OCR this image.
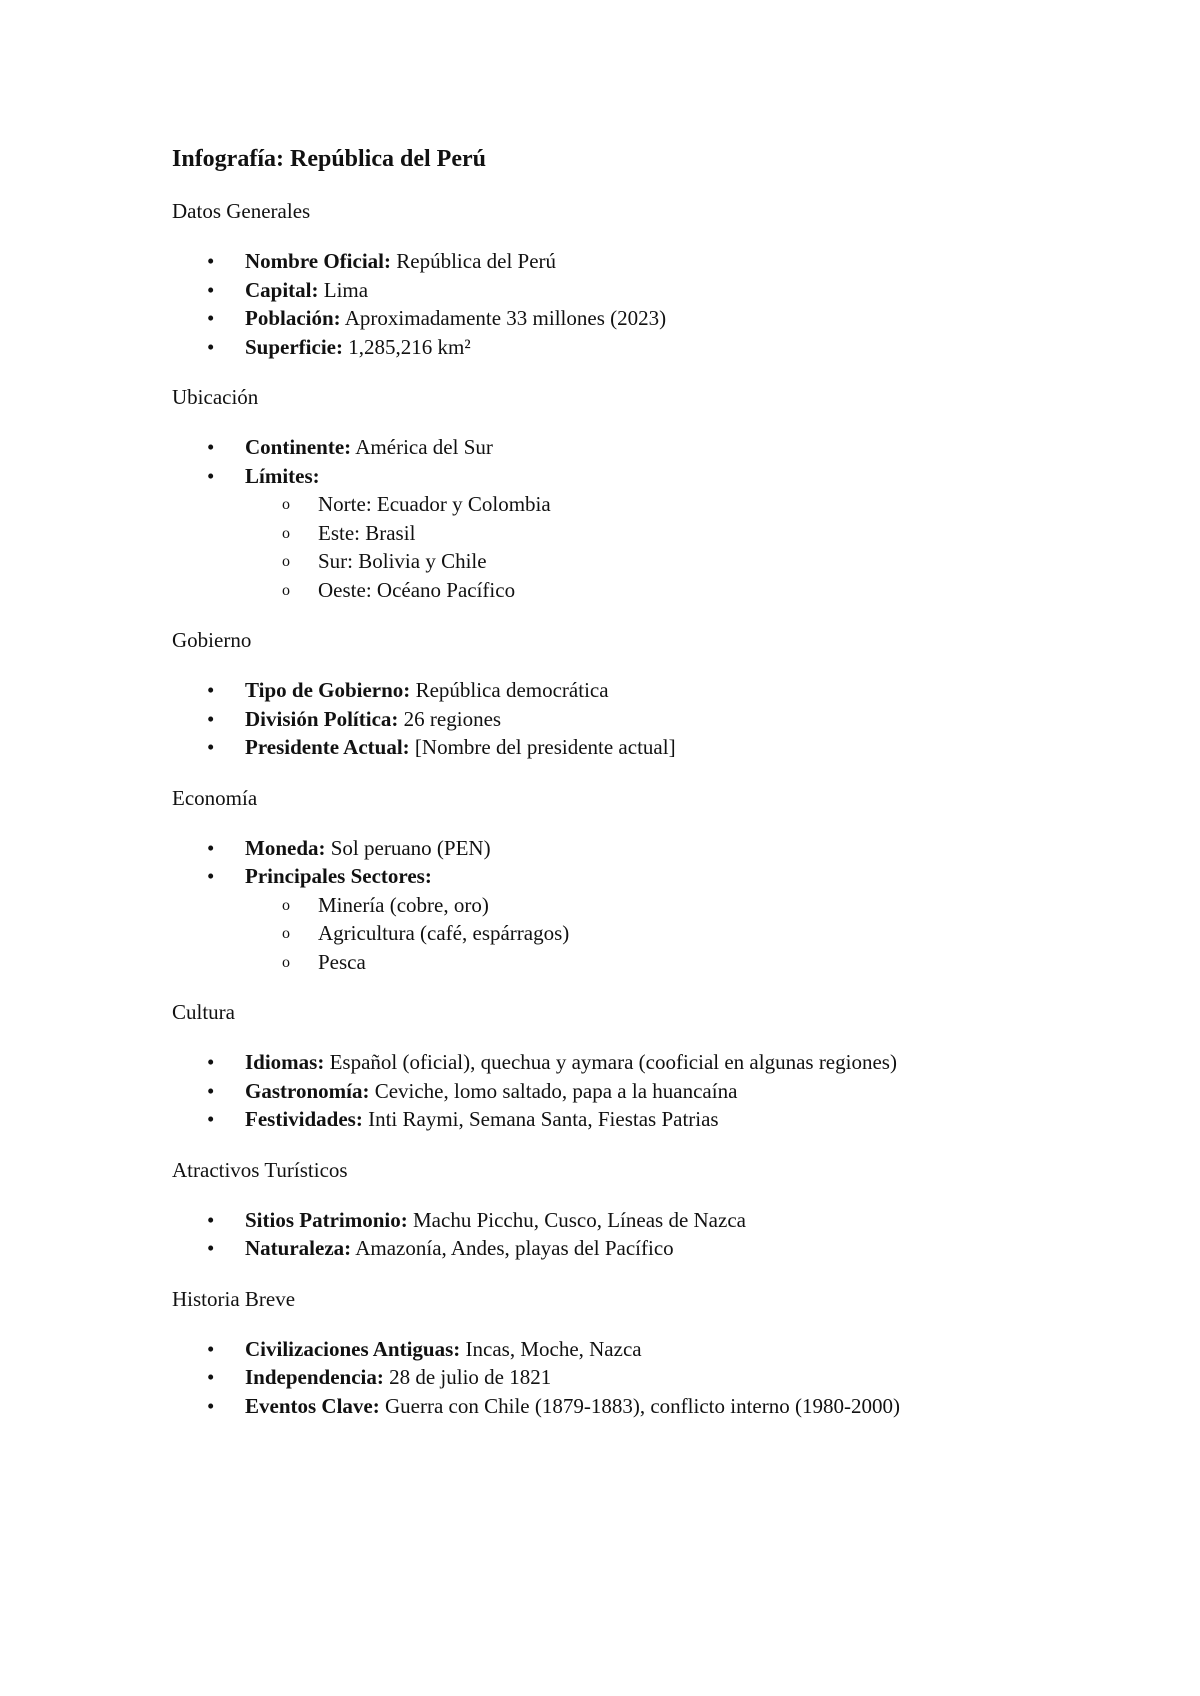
Infografía: República del Perú
Datos Generales
• Nombre Oficial: República del Perú
• Capital: Lima
• Población: Aproximadamente 33 millones (2023)
• Superficie: 1,285,216 km²
Ubicación
• Continente: América del Sur
• Límites:
o Norte: Ecuador y Colombia
o Este: Brasil
o Sur: Bolivia y Chile
o Oeste: Océano Pacífico
Gobierno
• Tipo de Gobierno: República democrática
• División Política: 26 regiones
• Presidente Actual: [Nombre del presidente actual]
Economía
• Moneda: Sol peruano (PEN)
• Principales Sectores:
o Minería (cobre, oro)
o Agricultura (café, espárragos)
o Pesca
Cultura
• Idiomas: Español (oficial), quechua y aymara (cooficial en algunas regiones)
• Gastronomía: Ceviche, lomo saltado, papa a la huancaína
• Festividades: Inti Raymi, Semana Santa, Fiestas Patrias
Atractivos Turísticos
• Sitios Patrimonio: Machu Picchu, Cusco, Líneas de Nazca
• Naturaleza: Amazonía, Andes, playas del Pacífico
Historia Breve
• Civilizaciones Antiguas: Incas, Moche, Nazca
• Independencia: 28 de julio de 1821
• Eventos Clave: Guerra con Chile (1879-1883), conflicto interno (1980-2000)
